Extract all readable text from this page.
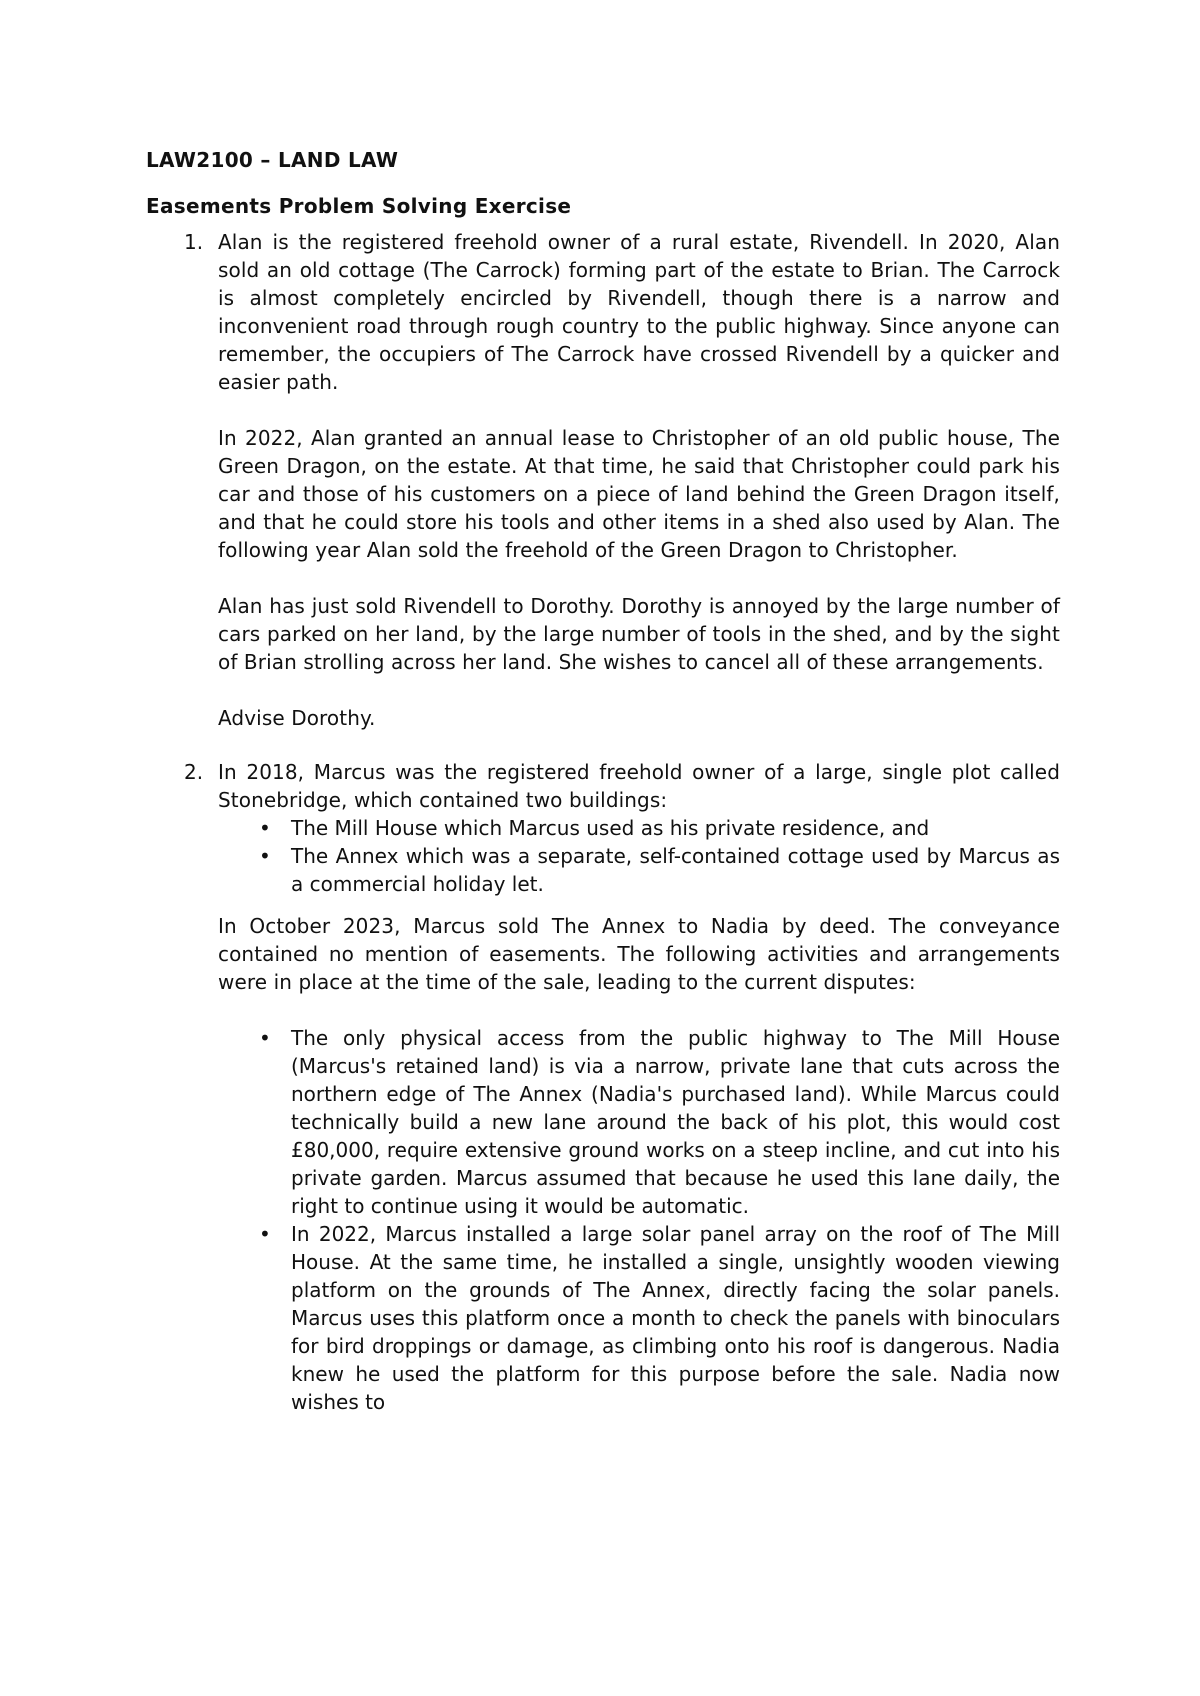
LAW2100 – LAND LAW
Easements Problem Solving Exercise
1. Alan is the registered freehold owner of a rural estate, Rivendell. In 2020, Alan sold an old cottage (The Carrock) forming part of the estate to Brian. The Carrock is almost completely encircled by Rivendell, though there is a narrow and inconvenient road through rough country to the public highway. Since anyone can remember, the occupiers of The Carrock have crossed Rivendell by a quicker and easier path.

In 2022, Alan granted an annual lease to Christopher of an old public house, The Green Dragon, on the estate. At that time, he said that Christopher could park his car and those of his customers on a piece of land behind the Green Dragon itself, and that he could store his tools and other items in a shed also used by Alan. The following year Alan sold the freehold of the Green Dragon to Christopher.

Alan has just sold Rivendell to Dorothy. Dorothy is annoyed by the large number of cars parked on her land, by the large number of tools in the shed, and by the sight of Brian strolling across her land. She wishes to cancel all of these arrangements.

Advise Dorothy.

2. In 2018, Marcus was the registered freehold owner of a large, single plot called Stonebridge, which contained two buildings:

• The Mill House which Marcus used as his private residence, and
• The Annex which was a separate, self-contained cottage used by Marcus as a commercial holiday let.

In October 2023, Marcus sold The Annex to Nadia by deed. The conveyance contained no mention of easements. The following activities and arrangements were in place at the time of the sale, leading to the current disputes:

• The only physical access from the public highway to The Mill House (Marcus's retained land) is via a narrow, private lane that cuts across the northern edge of The Annex (Nadia's purchased land). While Marcus could technically build a new lane around the back of his plot, this would cost £80,000, require extensive ground works on a steep incline, and cut into his private garden. Marcus assumed that because he used this lane daily, the right to continue using it would be automatic.
• In 2022, Marcus installed a large solar panel array on the roof of The Mill House. At the same time, he installed a single, unsightly wooden viewing platform on the grounds of The Annex, directly facing the solar panels. Marcus uses this platform once a month to check the panels with binoculars for bird droppings or damage, as climbing onto his roof is dangerous. Nadia knew he used the platform for this purpose before the sale. Nadia now wishes to
